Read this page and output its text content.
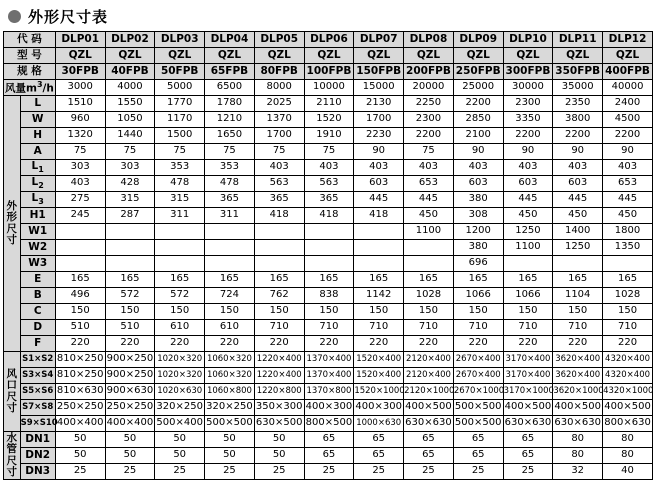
外形尺寸表
代 码		DLP01	DLP02	DLP03	DLP04	DLP05	DLP06	DLP07	DLP08	DLP09	DLP10	DLP11	DLP12
型 号		QZL	QZL	QZL	QZL	QZL	QZL	QZL	QZL	QZL	QZL	QZL	QZL
规 格		30FPB	40FPB	50FPB	65FPB	80FPB	100FPB	150FPB	200FPB	250FPB	300FPB	350FPB	400FPB
风量$m^3/h$		3000	4000	5000	6500	8000	10000	15000	20000	25000	30000	35000	40000
外
形
尺
寸	L	1510	1550	1770	1780	2025	2110	2130	2250	2200	2300	2350	2400
	W	960	1050	1170	1210	1370	1520	1700	2300	2850	3350	3800	4500
	H	1320	1440	1500	1650	1700	1910	2230	2200	2100	2200	2200	2200
	A	75	75	75	75	75	75	90	75	90	90	90	90
	$L_1$	303	303	353	353	403	403	403	403	403	403	403	403
	$L_2$	403	428	478	478	563	563	603	653	603	603	603	653
	$L_3$	275	315	315	365	365	365	445	445	380	445	445	445
	H1	245	287	311	311	418	418	418	450	308	450	450	450
	W1								1100	1200	1250	1400	1800
	W2									380	1100	1250	1350
	W3									696			
	E	165	165	165	165	165	165	165	165	165	165	165	165
	B	496	572	572	724	762	838	1142	1028	1066	1066	1104	1028
	C	150	150	150	150	150	150	150	150	150	150	150	150
	D	510	510	610	610	710	710	710	710	710	710	710	710
	F	220	220	220	220	220	220	220	220	220	220	220	220
风
口
尺
寸	S1×S2	810×250	900×250	1020×320	1060×320	1220×400	1370×400	1520×400	2120×400	2670×400	3170×400	3620×400	4320×400
	S3×S4	810×250	900×250	1020×320	1060×320	1220×400	1370×400	1520×400	2120×400	2670×400	3170×400	3620×400	4320×400
	S5×S6	810×630	900×630	1020×630	1060×800	1220×800	1370×800	1520×1000	2120×1000	2670×1000	3170×1000	3620×1000	4320×1000
	S7×S8	250×250	250×250	320×250	320×250	350×300	400×300	400×300	400×500	500×500	400×500	400×500	400×500
	S9×S10	400×400	400×400	500×400	500×500	630×500	800×500	1000×630	630×630	500×500	630×630	630×630	800×630
水
管
尺
寸	DN1	50	50	50	50	50	65	65	65	65	65	80	80
	DN2	50	50	50	50	50	65	65	65	65	65	80	80
	DN3	25	25	25	25	25	25	25	25	25	25	32	40
